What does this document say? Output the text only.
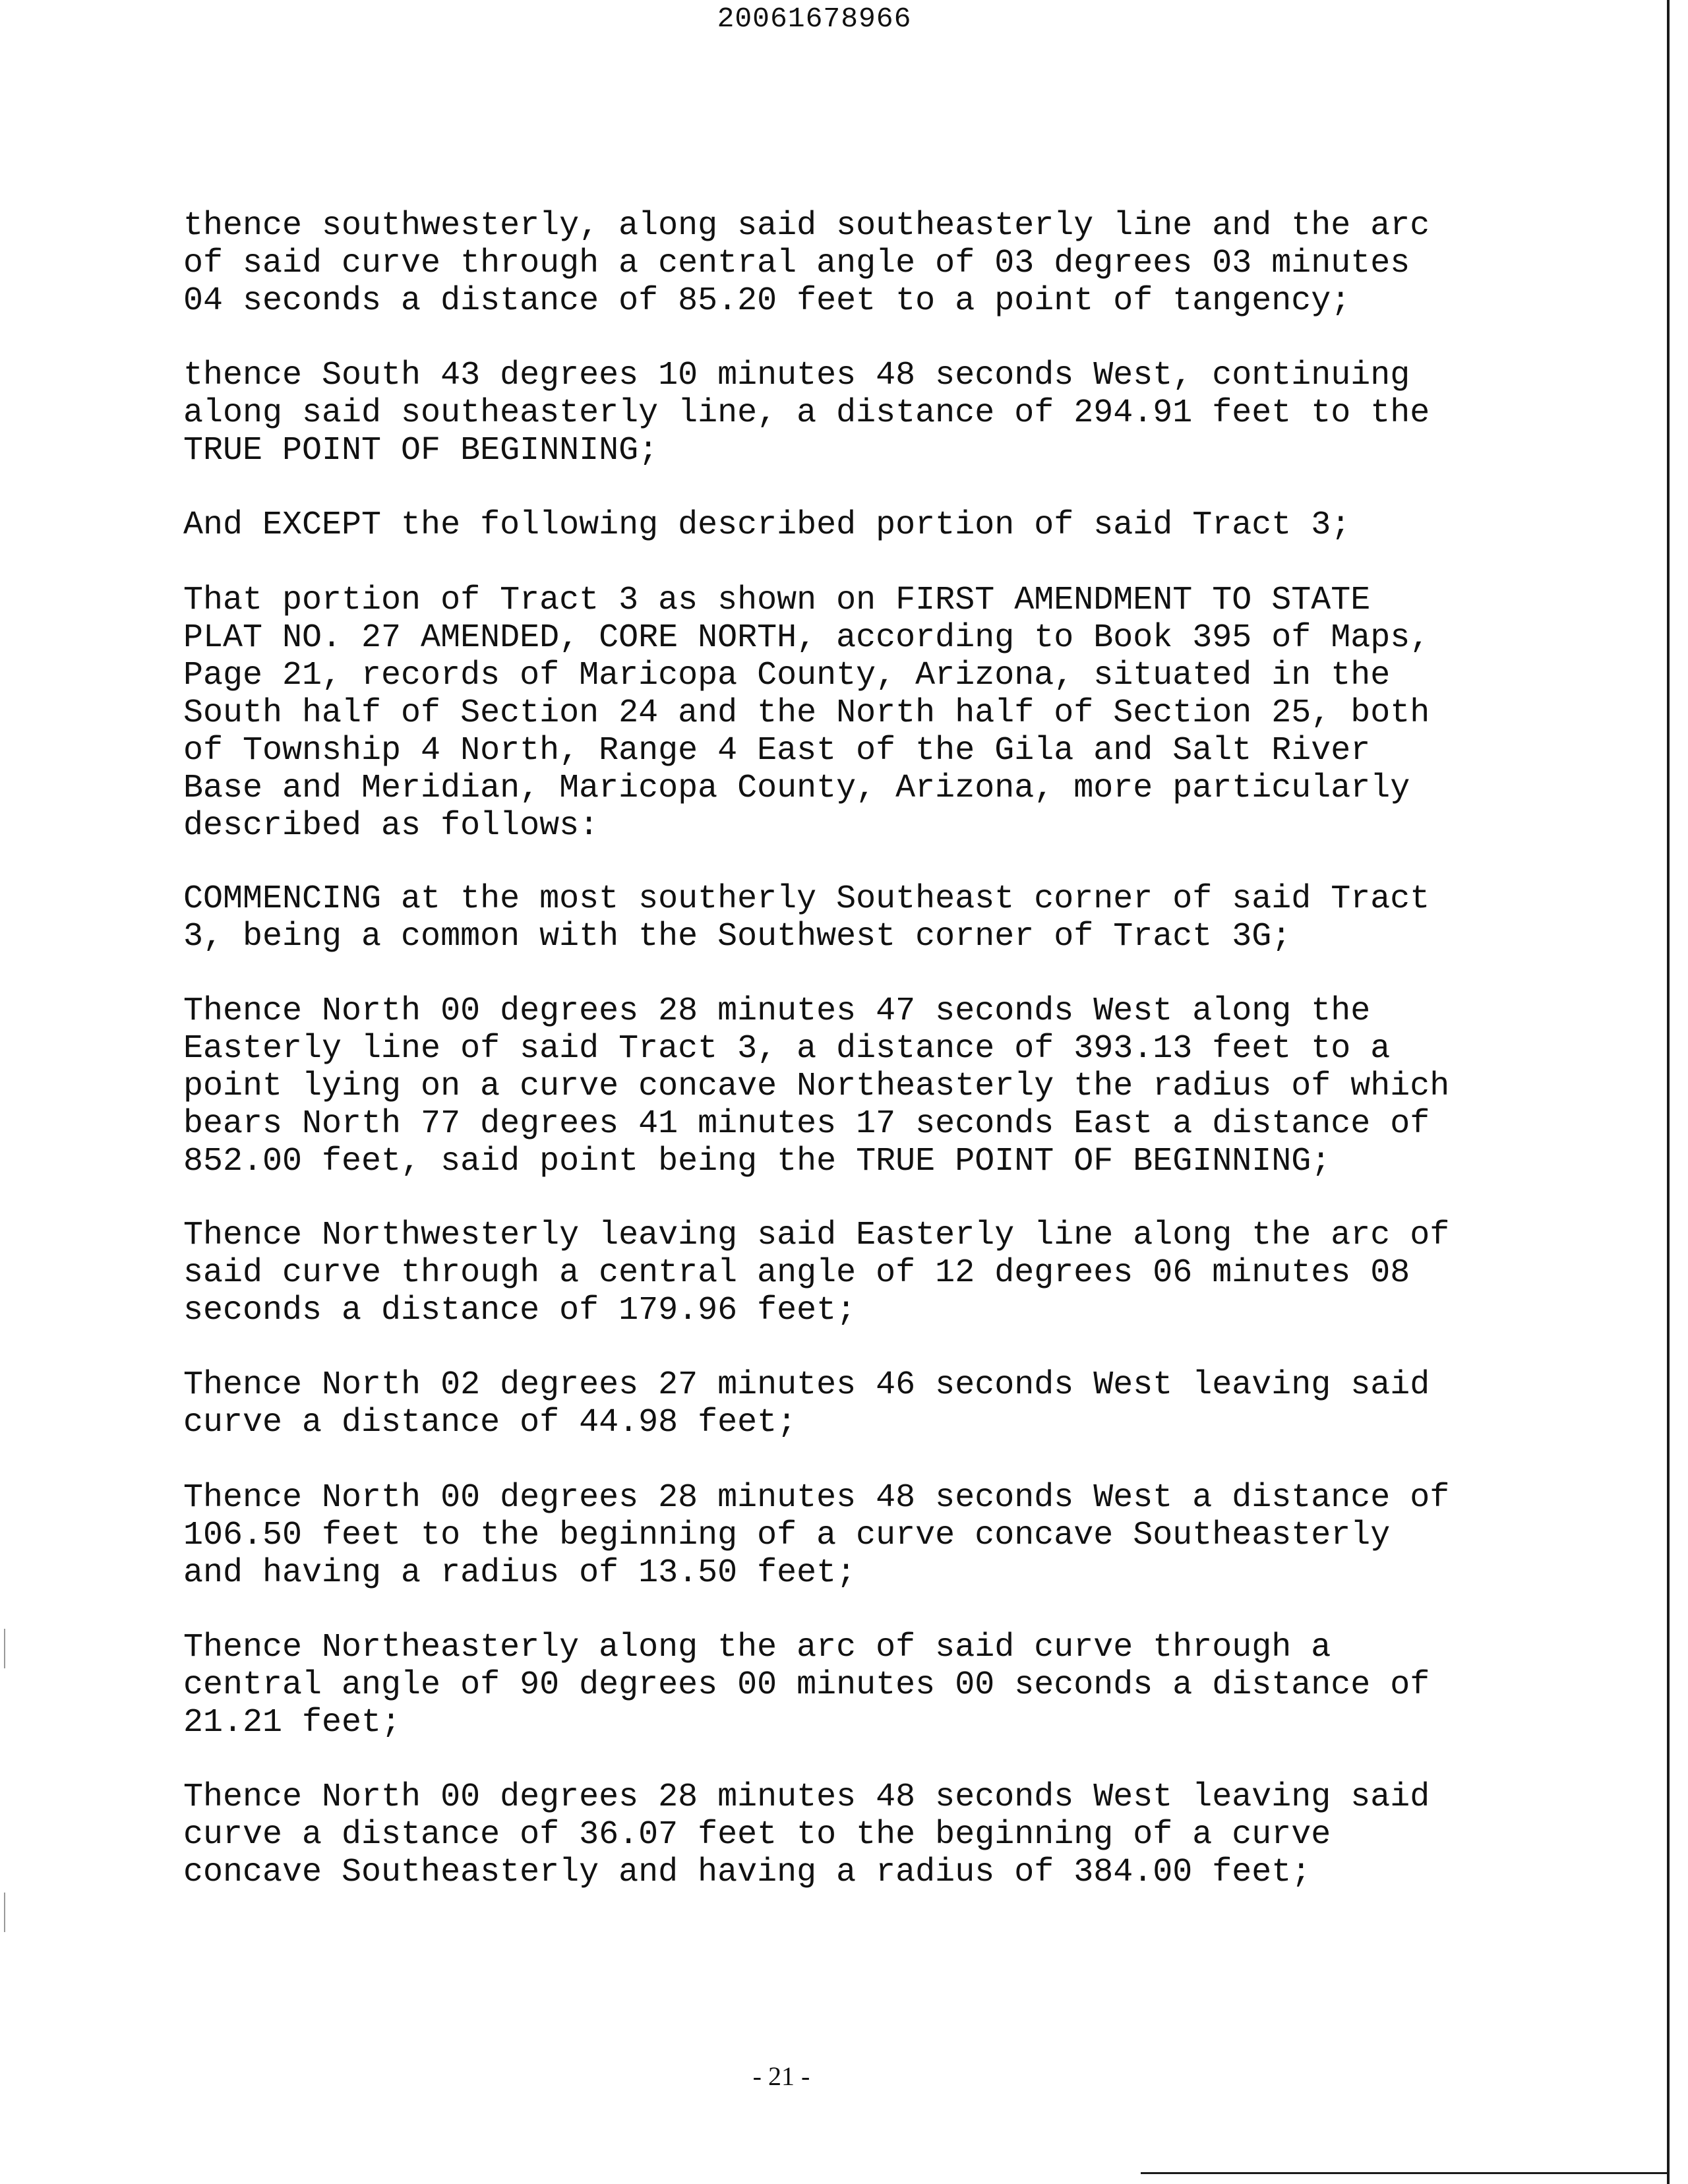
20061678966

thence southwesterly, along said southeasterly line and the arc
of said curve through a central angle of 03 degrees 03 minutes
04 seconds a distance of 85.20 feet to a point of tangency;

thence South 43 degrees 10 minutes 48 seconds West, continuing
along said southeasterly line, a distance of 294.91 feet to the
TRUE POINT OF BEGINNING;

And EXCEPT the following described portion of said Tract 3;

That portion of Tract 3 as shown on FIRST AMENDMENT TO STATE
PLAT NO. 27 AMENDED, CORE NORTH, according to Book 395 of Maps,
Page 21, records of Maricopa County, Arizona, situated in the
South half of Section 24 and the North half of Section 25, both
of Township 4 North, Range 4 East of the Gila and Salt River
Base and Meridian, Maricopa County, Arizona, more particularly
described as follows:

COMMENCING at the most southerly Southeast corner of said Tract
3, being a common with the Southwest corner of Tract 3G;

Thence North 00 degrees 28 minutes 47 seconds West along the
Easterly line of said Tract 3, a distance of 393.13 feet to a
point lying on a curve concave Northeasterly the radius of which
bears North 77 degrees 41 minutes 17 seconds East a distance of
852.00 feet, said point being the TRUE POINT OF BEGINNING;

Thence Northwesterly leaving said Easterly line along the arc of
said curve through a central angle of 12 degrees 06 minutes 08
seconds a distance of 179.96 feet;

Thence North 02 degrees 27 minutes 46 seconds West leaving said
curve a distance of 44.98 feet;

Thence North 00 degrees 28 minutes 48 seconds West a distance of
106.50 feet to the beginning of a curve concave Southeasterly
and having a radius of 13.50 feet;

Thence Northeasterly along the arc of said curve through a
central angle of 90 degrees 00 minutes 00 seconds a distance of
21.21 feet;

Thence North 00 degrees 28 minutes 48 seconds West leaving said
curve a distance of 36.07 feet to the beginning of a curve
concave Southeasterly and having a radius of 384.00 feet;

- 21 -
